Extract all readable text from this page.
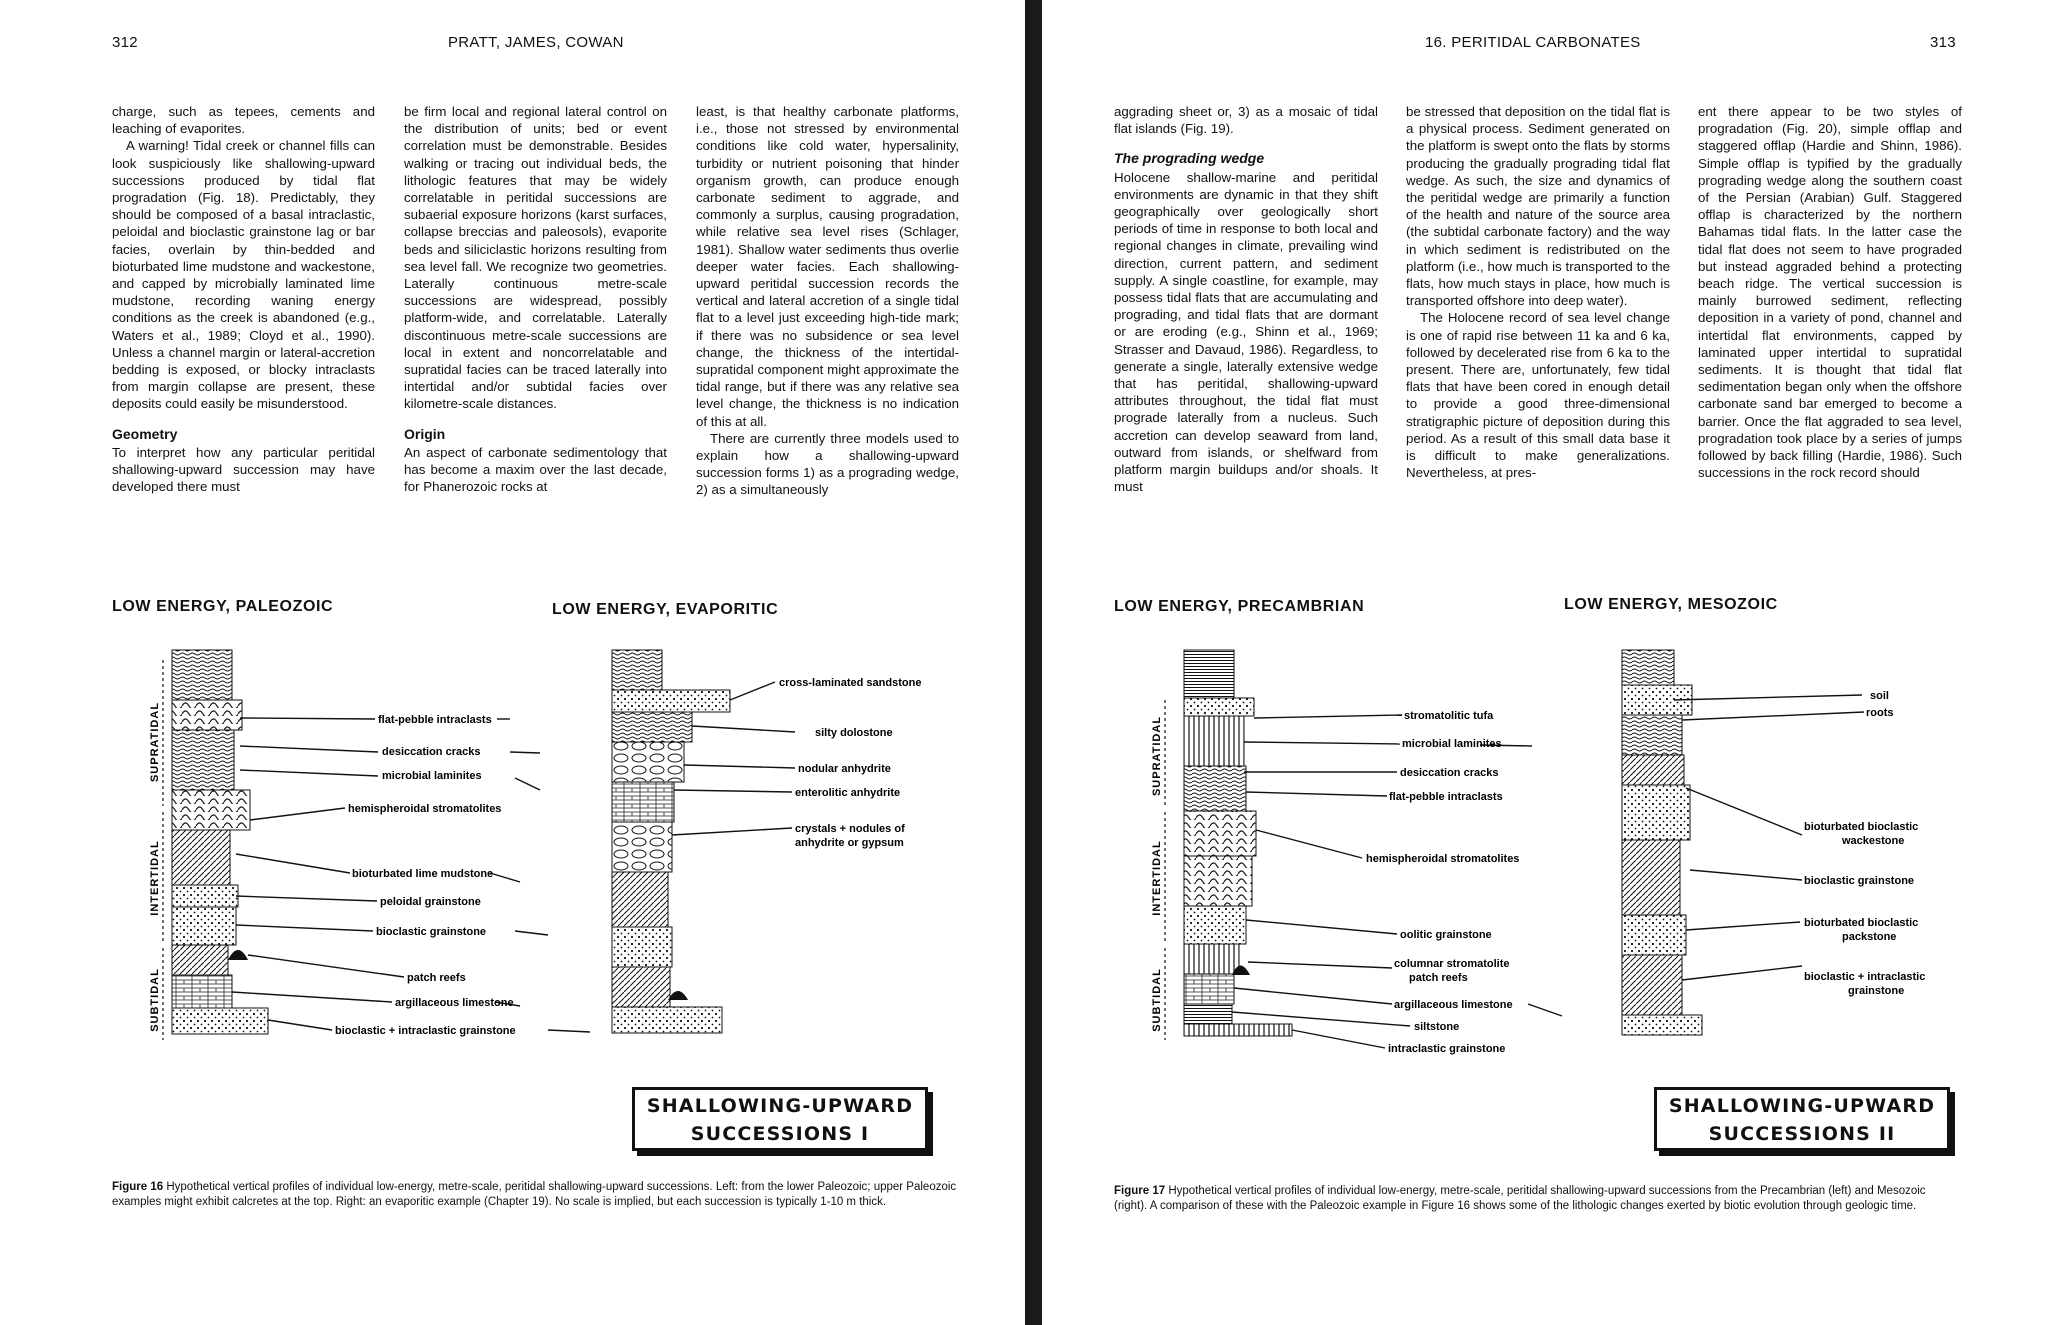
312	PRATT, JAMES, COWAN

charge, such as tepees, cements and leaching of evaporites.

A warning! Tidal creek or channel fills can look suspiciously like shallowing-upward successions produced by tidal flat progradation (Fig. 18). Predictably, they should be composed of a basal intraclastic, peloidal and bioclastic grainstone lag or bar facies, overlain by thin-bedded and bioturbated lime mudstone and wackestone, and capped by microbially laminated lime mudstone, recording waning energy conditions as the creek is abandoned (e.g., Waters et al., 1989; Cloyd et al., 1990). Unless a channel margin or lateral-accretion bedding is exposed, or blocky intraclasts from margin collapse are present, these deposits could easily be misunderstood.

Geometry

To interpret how any particular peritidal shallowing-upward succession may have developed there must

be firm local and regional lateral control on the distribution of units; bed or event correlation must be demonstrable. Besides walking or tracing out individual beds, the lithologic features that may be widely correlatable in peritidal successions are subaerial exposure horizons (karst surfaces, collapse breccias and paleosols), evaporite beds and siliciclastic horizons resulting from sea level fall. We recognize two geometries. Laterally continuous metre-scale successions are widespread, possibly platform-wide, and correlatable. Laterally discontinuous metre-scale successions are local in extent and noncorrelatable and supratidal facies can be traced laterally into intertidal and/or subtidal facies over kilometre-scale distances.

Origin

An aspect of carbonate sedimentology that has become a maxim over the last decade, for Phanerozoic rocks at

least, is that healthy carbonate platforms, i.e., those not stressed by environmental conditions like cold water, hypersalinity, turbidity or nutrient poisoning that hinder organism growth, can produce enough carbonate sediment to aggrade, and commonly a surplus, causing progradation, while relative sea level rises (Schlager, 1981). Shallow water sediments thus overlie deeper water facies. Each shallowing-upward peritidal succession records the vertical and lateral accretion of a single tidal flat to a level just exceeding high-tide mark; if there was no subsidence or sea level change, the thickness of the intertidal-supratidal component might approximate the tidal range, but if there was any relative sea level change, the thickness is no indication of this at all.

There are currently three models used to explain how a shallowing-upward succession forms 1) as a prograding wedge, 2) as a simultaneously

LOW ENERGY, PALEOZOIC	LOW ENERGY, EVAPORITIC
SUPRATIDAL
INTERTIDAL
SUBTIDAL
flat-pebble intraclasts
desiccation cracks
microbial laminites
hemispheroidal stromatolites
bioturbated lime mudstone
peloidal grainstone
bioclastic grainstone
patch reefs
argillaceous limestone
bioclastic + intraclastic grainstone
cross-laminated sandstone
silty dolostone
nodular anhydrite
enterolitic anhydrite
crystals + nodules of
anhydrite or gypsum
SHALLOWING-UPWARD
SUCCESSIONS I
Figure 16 Hypothetical vertical profiles of individual low-energy, metre-scale, peritidal shallowing-upward successions. Left: from the lower Paleozoic; upper Paleozoic examples might exhibit calcretes at the top. Right: an evaporitic example (Chapter 19). No scale is implied, but each succession is typically 1-10 m thick.
16. PERITIDAL CARBONATES	313

aggrading sheet or, 3) as a mosaic of tidal flat islands (Fig. 19).

The prograding wedge

Holocene shallow-marine and peritidal environments are dynamic in that they shift geographically over geologically short periods of time in response to both local and regional changes in climate, prevailing wind direction, current pattern, and sediment supply. A single coastline, for example, may possess tidal flats that are accumulating and prograding, and tidal flats that are dormant or are eroding (e.g., Shinn et al., 1969; Strasser and Davaud, 1986). Regardless, to generate a single, laterally extensive wedge that has peritidal, shallowing-upward attributes throughout, the tidal flat must prograde laterally from a nucleus. Such accretion can develop seaward from land, outward from islands, or shelfward from platform margin buildups and/or shoals. It must

be stressed that deposition on the tidal flat is a physical process. Sediment generated on the platform is swept onto the flats by storms producing the gradually prograding tidal flat wedge. As such, the size and dynamics of the peritidal wedge are primarily a function of the health and nature of the source area (the subtidal carbonate factory) and the way in which sediment is redistributed on the platform (i.e., how much is transported to the flats, how much stays in place, how much is transported offshore into deep water).

The Holocene record of sea level change is one of rapid rise between 11 ka and 6 ka, followed by decelerated rise from 6 ka to the present. There are, unfortunately, few tidal flats that have been cored in enough detail to provide a good three-dimensional stratigraphic picture of deposition during this period. As a result of this small data base it is difficult to make generalizations. Nevertheless, at pres-

ent there appear to be two styles of progradation (Fig. 20), simple offlap and staggered offlap (Hardie and Shinn, 1986). Simple offlap is typified by the gradually prograding wedge along the southern coast of the Persian (Arabian) Gulf. Staggered offlap is characterized by the northern Bahamas tidal flats. In the latter case the tidal flat does not seem to have prograded but instead aggraded behind a protecting beach ridge. The vertical succession is mainly burrowed sediment, reflecting deposition in a variety of pond, channel and intertidal flat environments, capped by laminated upper intertidal to supratidal sediments. It is thought that tidal flat sedimentation began only when the offshore carbonate sand bar emerged to become a barrier. Once the flat aggraded to sea level, progradation took place by a series of jumps followed by back filling (Hardie, 1986). Such successions in the rock record should

LOW ENERGY, PRECAMBRIAN	LOW ENERGY, MESOZOIC
SUPRATIDAL
INTERTIDAL
SUBTIDAL
stromatolitic tufa
microbial laminites
desiccation cracks
flat-pebble intraclasts
hemispheroidal stromatolites
oolitic grainstone
columnar stromatolite
patch reefs
argillaceous limestone
siltstone
intraclastic grainstone
soil
roots
bioturbated bioclastic
wackestone
bioclastic grainstone
bioturbated bioclastic
packstone
bioclastic + intraclastic
grainstone
SHALLOWING-UPWARD
SUCCESSIONS II
Figure 17 Hypothetical vertical profiles of individual low-energy, metre-scale, peritidal shallowing-upward successions from the Precambrian (left) and Mesozoic (right). A comparison of these with the Paleozoic example in Figure 16 shows some of the lithologic changes exerted by biotic evolution through geologic time.
